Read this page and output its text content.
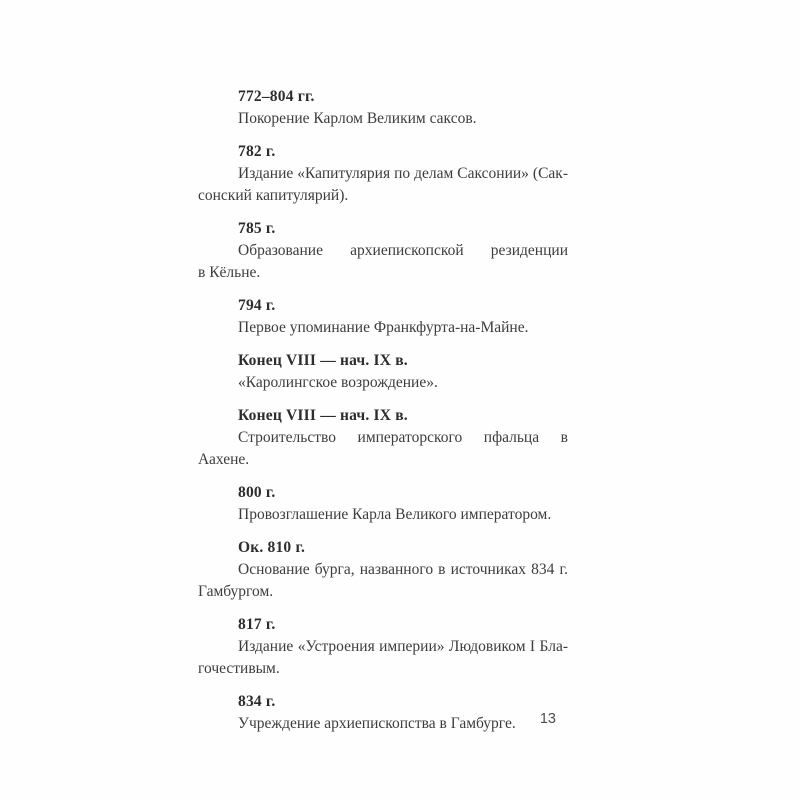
772–804 гг.

Покорение Карлом Великим саксов.

782 г.

Издание «Капитулярия по делам Саксонии» (Сак-
сонский капитулярий).

785 г.

Образование архиепископской резиденции
в Кёльне.

794 г.

Первое упоминание Франкфурта-на-Майне.

Конец VIII — нач. IX в.

«Каролингское возрождение».

Конец VIII — нач. IX в.

Строительство императорского пфальца в Аахене.

800 г.

Провозглашение Карла Великого императором.

Ок. 810 г.

Основание бурга, названного в источниках 834 г.
Гамбургом.

817 г.

Издание «Устроения империи» Людовиком I Бла-
гочестивым.

834 г.

Учреждение архиепископства в Гамбурге.	13
